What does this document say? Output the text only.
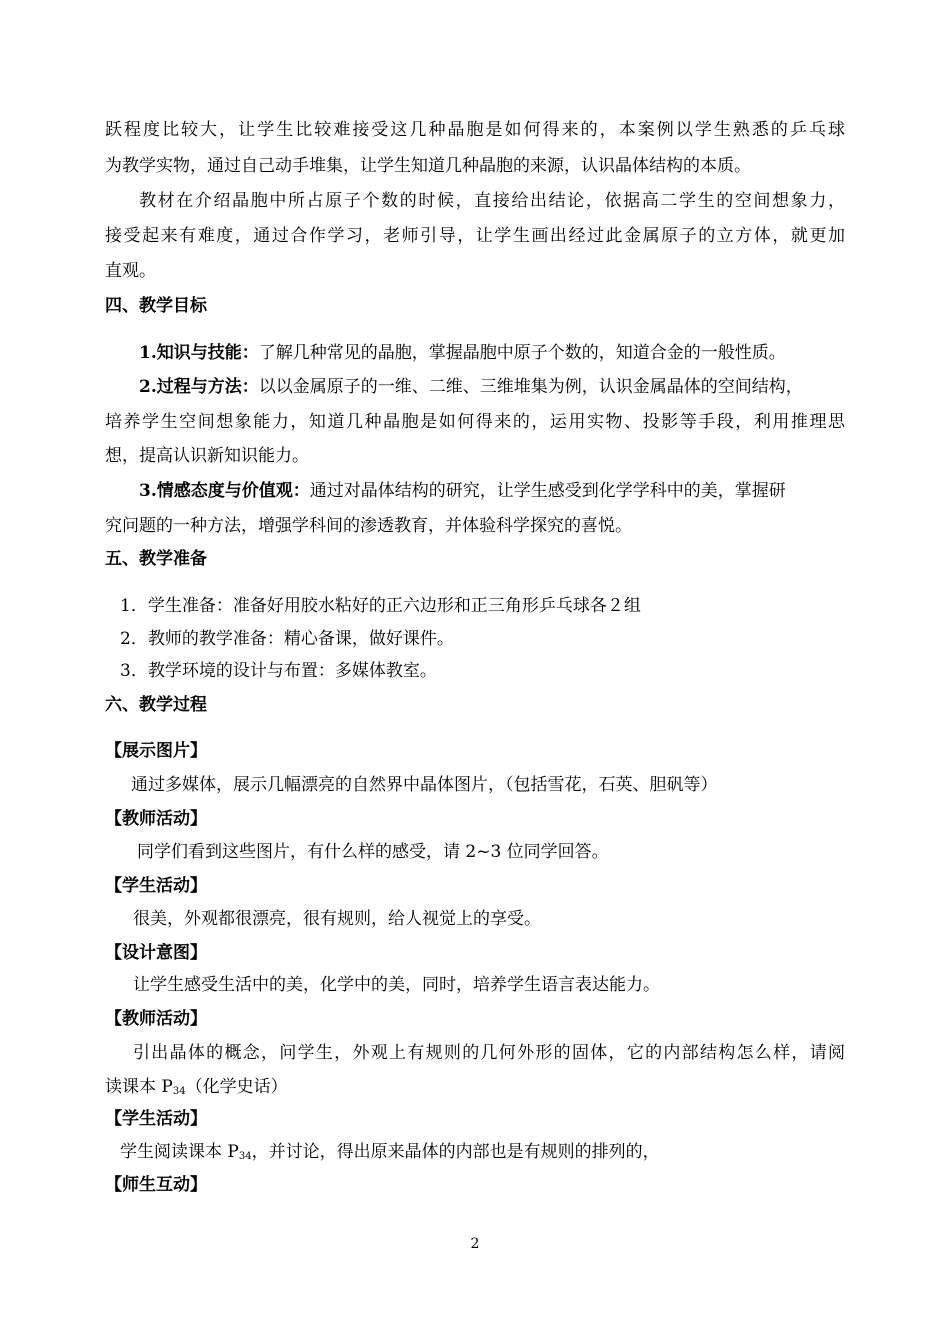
跃程度比较大，让学生比较难接受这几种晶胞是如何得来的，本案例以学生熟悉的乒乓球
为教学实物，通过自己动手堆集，让学生知道几种晶胞的来源，认识晶体结构的本质。
教材在介绍晶胞中所占原子个数的时候，直接给出结论，依据高二学生的空间想象力，
接受起来有难度，通过合作学习，老师引导，让学生画出经过此金属原子的立方体，就更加
直观。
四、教学目标
1.知识与技能：了解几种常见的晶胞，掌握晶胞中原子个数的，知道合金的一般性质。
2.过程与方法：以以金属原子的一维、二维、三维堆集为例，认识金属晶体的空间结构，
培养学生空间想象能力，知道几种晶胞是如何得来的，运用实物、投影等手段，利用推理思
想，提高认识新知识能力。
3.情感态度与价值观：通过对晶体结构的研究，让学生感受到化学学科中的美，掌握研
究问题的一种方法，增强学科间的渗透教育，并体验科学探究的喜悦。
五、教学准备
1．学生准备：准备好用胶水粘好的正六边形和正三角形乒乓球各２组
2．教师的教学准备：精心备课，做好课件。
3．教学环境的设计与布置：多媒体教室。
六、教学过程
【展示图片】
通过多媒体，展示几幅漂亮的自然界中晶体图片，（包括雪花，石英、胆矾等）
【教师活动】
同学们看到这些图片，有什么样的感受，请 2~3 位同学回答。
【学生活动】
很美，外观都很漂亮，很有规则，给人视觉上的享受。
【设计意图】
让学生感受生活中的美，化学中的美，同时，培养学生语言表达能力。
【教师活动】
引出晶体的概念，问学生，外观上有规则的几何外形的固体，它的内部结构怎么样，请阅
读课本 $P_{34}$（化学史话）
【学生活动】
学生阅读课本 $P_{34}$，并讨论，得出原来晶体的内部也是有规则的排列的，
【师生互动】
2
